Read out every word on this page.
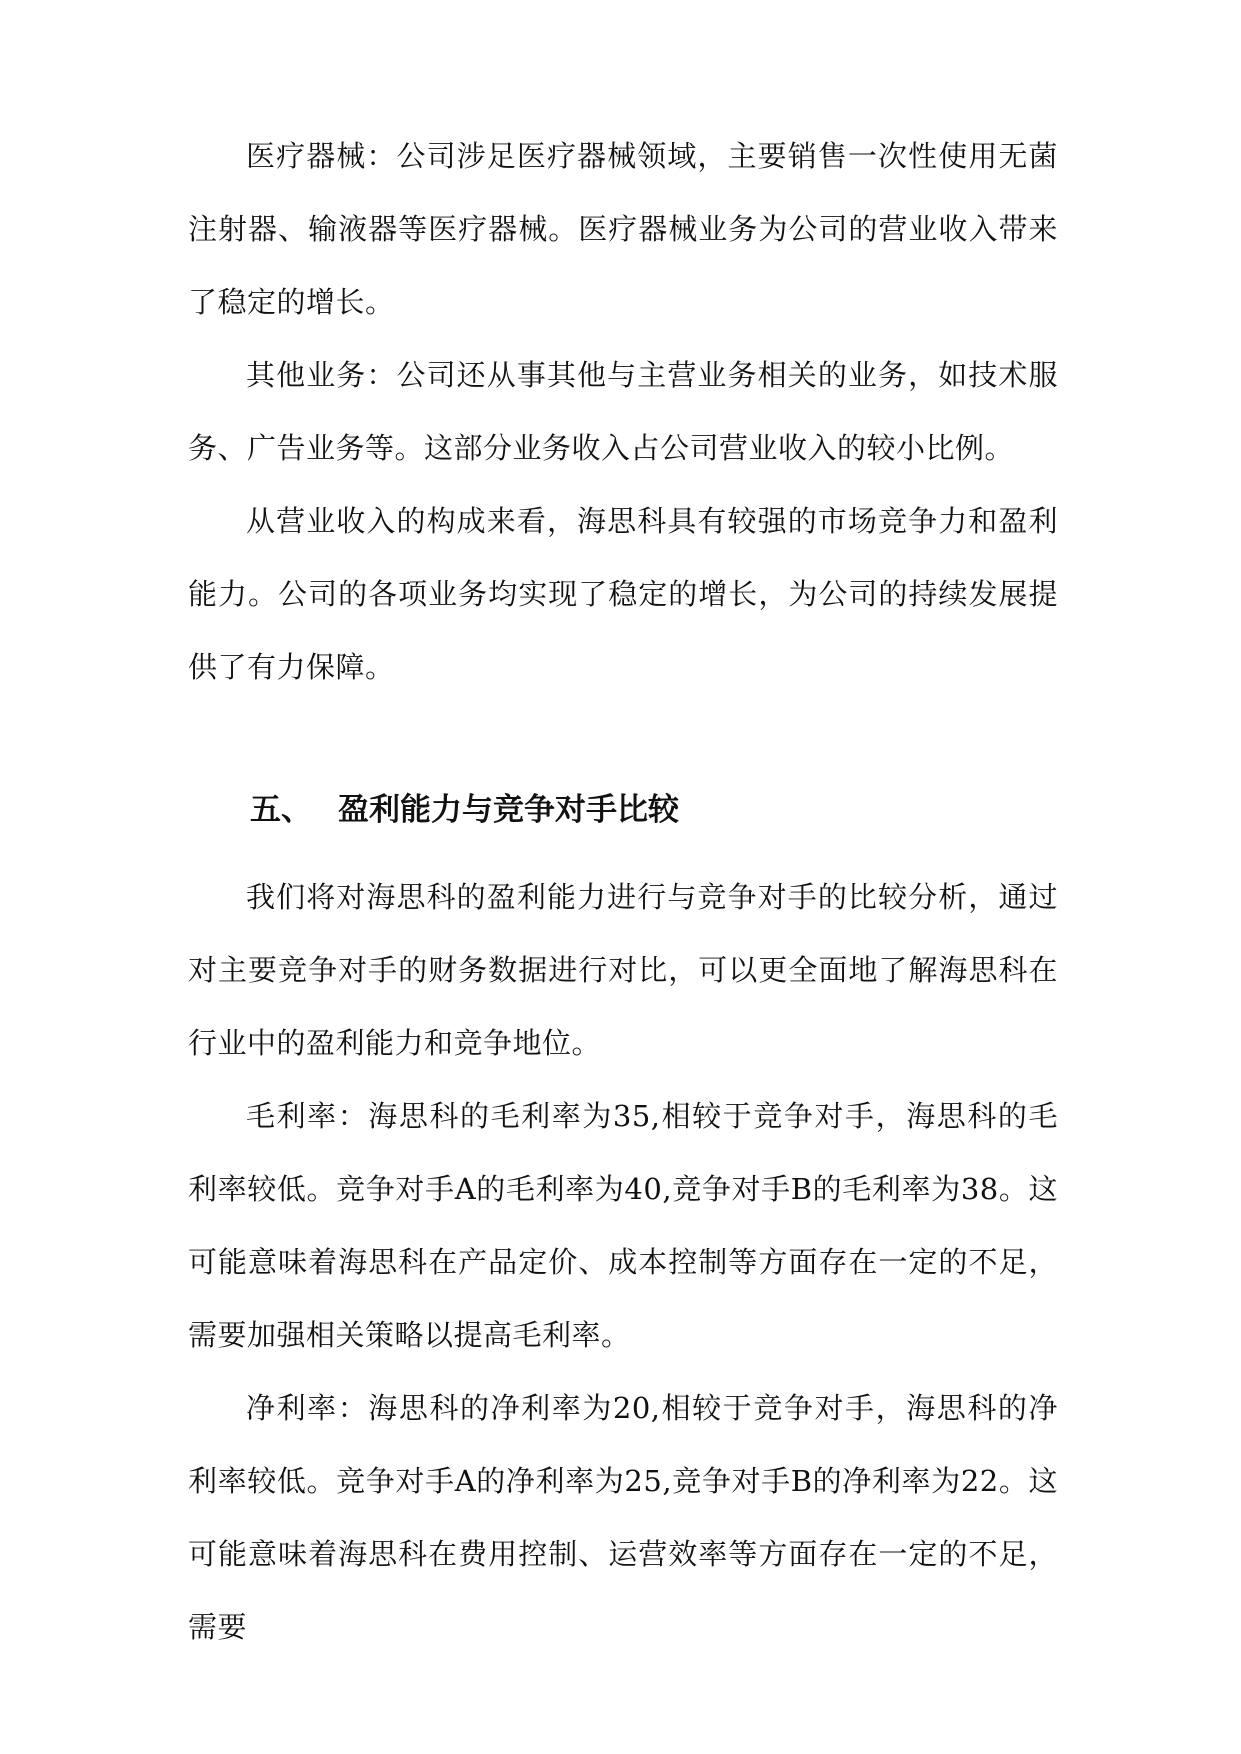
医疗器械：公司涉足医疗器械领域，主要销售一次性使用无菌注射器、输液器等医疗器械。医疗器械业务为公司的营业收入带来了稳定的增长。

其他业务：公司还从事其他与主营业务相关的业务，如技术服务、广告业务等。这部分业务收入占公司营业收入的较小比例。

从营业收入的构成来看，海思科具有较强的市场竞争力和盈利能力。公司的各项业务均实现了稳定的增长，为公司的持续发展提供了有力保障。

五、 盈利能力与竞争对手比较

我们将对海思科的盈利能力进行与竞争对手的比较分析，通过对主要竞争对手的财务数据进行对比，可以更全面地了解海思科在行业中的盈利能力和竞争地位。

毛利率：海思科的毛利率为35,相较于竞争对手，海思科的毛利率较低。竞争对手A的毛利率为40,竞争对手B的毛利率为38。这可能意味着海思科在产品定价、成本控制等方面存在一定的不足，需要加强相关策略以提高毛利率。

净利率：海思科的净利率为20,相较于竞争对手，海思科的净利率较低。竞争对手A的净利率为25,竞争对手B的净利率为22。这可能意味着海思科在费用控制、运营效率等方面存在一定的不足，需要
